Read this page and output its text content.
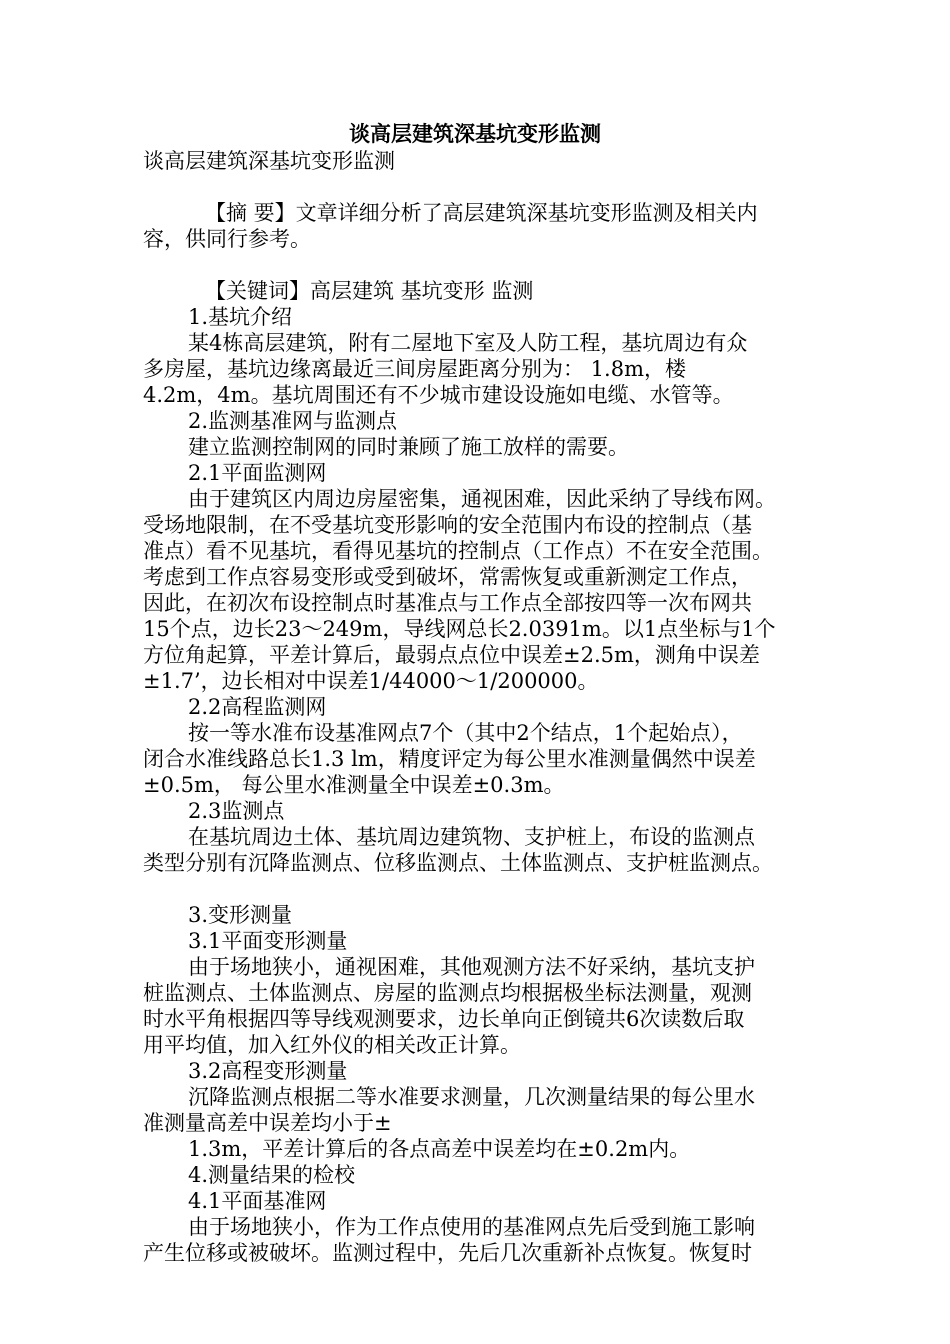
谈高层建筑深基坑变形监测
谈高层建筑深基坑变形监测
【摘 要】文章详细分析了高层建筑深基坑变形监测及相关内
容，供同行参考。
【关键词】高层建筑 基坑变形 监测
1.基坑介绍
某4栋高层建筑，附有二屋地下室及人防工程，基坑周边有众
多房屋，基坑边缘离最近三间房屋距离分别为： 1.8m，楼
4.2m，4m。基坑周围还有不少城市建设设施如电缆、水管等。
2.监测基准网与监测点
建立监测控制网的同时兼顾了施工放样的需要。
2.1平面监测网
由于建筑区内周边房屋密集，通视困难，因此采纳了导线布网。
受场地限制，在不受基坑变形影响的安全范围内布设的控制点（基
准点）看不见基坑，看得见基坑的控制点（工作点）不在安全范围。
考虑到工作点容易变形或受到破坏，常需恢复或重新测定工作点，
因此，在初次布设控制点时基准点与工作点全部按四等一次布网共
15个点，边长23～249m，导线网总长2.0391m。以1点坐标与1个
方位角起算，平差计算后，最弱点点位中误差±2.5m，测角中误差
±1.7’，边长相对中误差1/44000～1/200000。
2.2高程监测网
按一等水准布设基准网点7个（其中2个结点，1个起始点），
闭合水准线路总长1.3 lm，精度评定为每公里水准测量偶然中误差
±0.5m， 每公里水准测量全中误差±0.3m。
2.3监测点
在基坑周边土体、基坑周边建筑物、支护桩上，布设的监测点
类型分别有沉降监测点、位移监测点、土体监测点、支护桩监测点。
3.变形测量
3.1平面变形测量
由于场地狭小，通视困难，其他观测方法不好采纳，基坑支护
桩监测点、土体监测点、房屋的监测点均根据极坐标法测量，观测
时水平角根据四等导线观测要求，边长单向正倒镜共6次读数后取
用平均值，加入红外仪的相关改正计算。
3.2高程变形测量
沉降监测点根据二等水准要求测量，几次测量结果的每公里水
准测量高差中误差均小于±
1.3m，平差计算后的各点高差中误差均在±0.2m内。
4.测量结果的检校
4.1平面基准网
由于场地狭小，作为工作点使用的基准网点先后受到施工影响
产生位移或被破坏。监测过程中，先后几次重新补点恢复。恢复时
